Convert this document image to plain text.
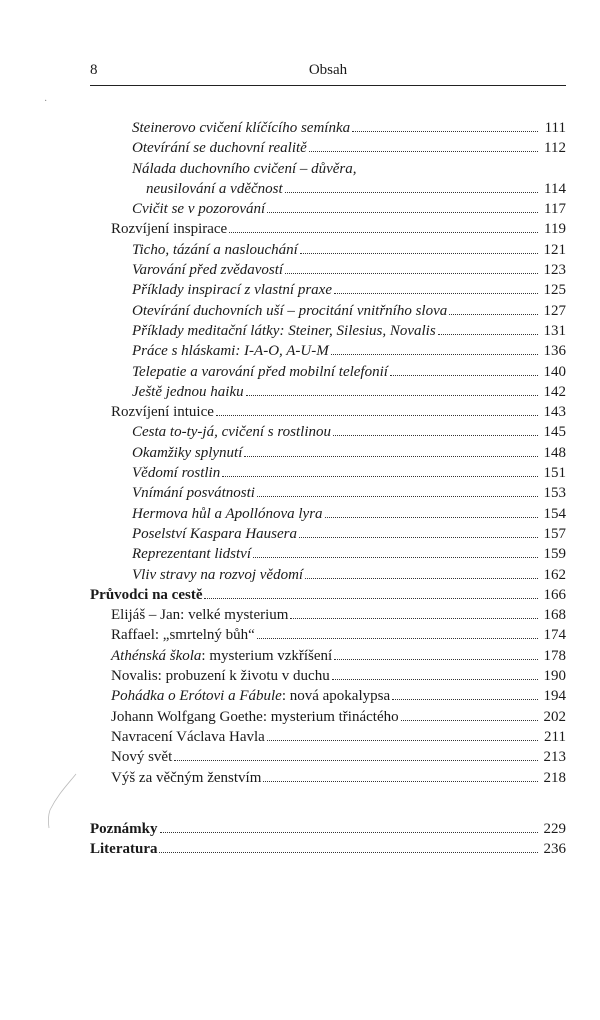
8	Obsah
·
Steinerovo cvičení klíčícího semínka	111
Otevírání se duchovní realitě	112
Nálada duchovního cvičení – důvěra,
neusilování a vděčnost	114
Cvičit se v pozorování	117
Rozvíjení inspirace	119
Ticho, tázání a naslouchání	121
Varování před zvědavostí	123
Příklady inspirací z vlastní praxe	125
Otevírání duchovních uší – procitání vnitřního slova	127
Příklady meditační látky: Steiner, Silesius, Novalis	131
Práce s hláskami: I-A-O, A-U-M	136
Telepatie a varování před mobilní telefonií	140
Ještě jednou haiku	142
Rozvíjení intuice	143
Cesta to-ty-já, cvičení s rostlinou	145
Okamžiky splynutí	148
Vědomí rostlin	151
Vnímání posvátnosti	153
Hermova hůl a Apollónova lyra	154
Poselství Kaspara Hausera	157
Reprezentant lidství	159
Vliv stravy na rozvoj vědomí	162
Průvodci na cestě	166
Elijáš – Jan: velké mysterium	168
Raffael: „smrtelný bůh“	174
Athénská škola: mysterium vzkříšení	178
Novalis: probuzení k životu v duchu	190
Pohádka o Erótovi a Fábule: nová apokalypsa	194
Johann Wolfgang Goethe: mysterium třináctého	202
Navracení Václava Havla	211
Nový svět	213
Výš za věčným ženstvím	218
Poznámky	229
Literatura	236
